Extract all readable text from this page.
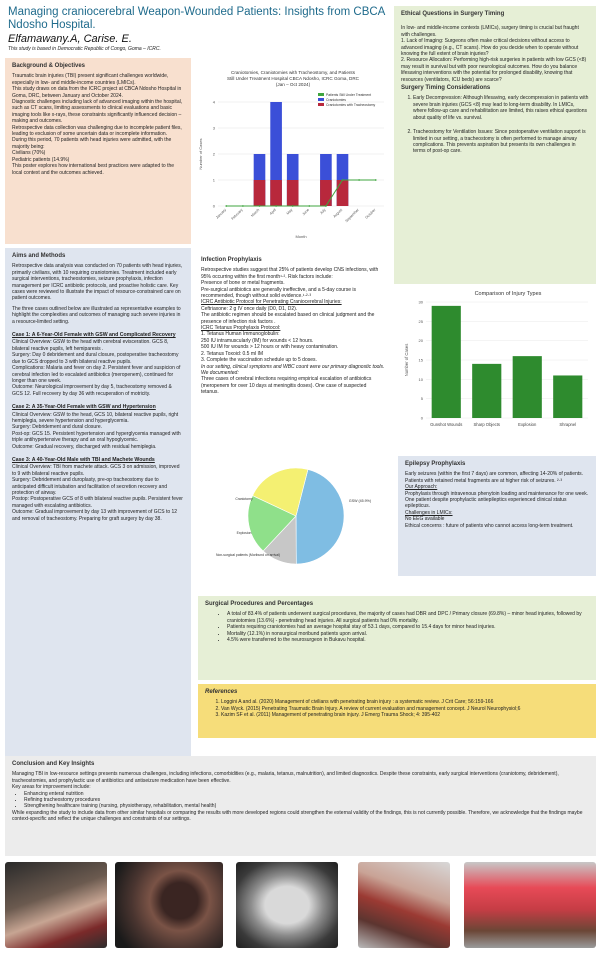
Managing craniocerebral Weapon-Wounded Patients: Insights from CBCA Ndosho Hospital.
Elfamawany.A, Carise. E.
This study is based in Democratic Republic of Congo, Goma – ICRC.
Background & Objectives

Traumatic brain injuries (TBI) present significant challenges worldwide, especially in low- and middle-income countries (LMICs).

This study draws on data from the ICRC project at CBCA Ndosho Hospital in Goma, DRC, between January and October 2024.

Diagnostic challenges including lack of advanced imaging within the hospital, such as CT scans, limiting assessments to clinical evaluations and basic imaging tools like x-rays, these constraints significantly influenced decision –making and outcomes.

Retrospective data collection was challenging due to incomplete patient files, leading to exclusion of some uncertain data or incomplete information.

During this period, 70 patients with head injuries were admitted, with the majority being:

Civilians (70%)

Pediatric patients (14.9%)

This poster explores how international best practices were adapted to the local context and the outcomes achieved.

Aims and Methods

Retrospective data analysis was conducted on 70 patients with head injuries, primarily civilians, with 10 requiring craniotomies. Treatment included early surgical interventions, tracheostomies, seizure prophylaxis, infection management per ICRC antibiotic protocols, and proactive holistic care. Key cases were reviewed to illustrate the impact of resource-constrained care on patient outcomes.

The three cases outlined below are illustrated as representative examples to highlight the complexities and outcomes of managing such severe injuries in a resource-limited setting.

Case 1: A 6-Year-Old Female with GSW and Complicated Recovery

Clinical Overview: GSW to the head with cerebral evisceration. GCS 8, bilateral reactive pupils, left hemiparesis .

Surgery: Day 0 debridement and dural closure, postoperative tracheostomy due to GCS dropped to 3 with bilateral reactive pupils.

Complications: Malaria and fever on day 2. Persistent fever and suspicion of cerebral infection led to escalated antibiotics (meropenem), continued for longer than one week.

Outcome: Neurological improvement by day 5, tracheostomy removed & GCS 12. Full recovery by day 36 with recuperation of motricity.

Case 2: A 35-Year-Old Female with GSW and Hypertension

Clinical Overview: GSW to the head, GCS 10, bilateral reactive pupils, right hemiplegia, severe hypertension and hyperglycemia.

Surgery: Debridement and dural closure.

Post-op: GCS 15. Persistent hypertension and hyperglycemia managed with triple antihypertensive therapy and an oral hypoglycemic.

Outcome: Gradual recovery, discharged with residual hemiplegia.

Case 3: A 40-Year-Old Male with TBI and Machete Wounds

Clinical Overview: TBI from machete attack. GCS 3 on admission, improved to 9 with bilateral reactive pupils.

Surgery: Debridement and duroplasty, pre-op tracheostomy due to anticipated difficult intubation and facilitation of secretion recovery and protection of airway.

Postop: Postoperative GCS of 8 with bilateral reactive pupils. Persistent fever managed with escalating antibiotics.

Outcome: Gradual improvement by day 13 with improvement of GCS to 12 and removal of tracheostomy. Preparing for graft surgery by day 38.

Craniotomies, Craniotomies with Tracheostomy, and Patients
Still Under Treatment Hospital CBCA Ndosho, ICRC Goma, DRC
(Jan – Oct 2024)
0
1
2
3
4
Number of Cases
Month
January February March April May June	July August September October
Patients Still Under Treatment
Craniotomies
Craniotomies with Tracheostomy
Ethical Questions in Surgery Timing

In low- and middle-income contexts (LMICs), surgery timing is crucial but fraught with challenges.

1. Lack of Imaging: Surgeons often make critical decisions without access to advanced imaging (e.g., CT scans). How do you decide when to operate without knowing the full extent of brain injuries?

2. Resource Allocation: Performing high-risk surgeries in patients with low GCS (<8) may result in survival but with poor neurological outcomes. How do you balance lifesaving interventions with the potential for prolonged disability, knowing that resources (ventilators, ICU beds) are scarce?

Surgery Timing Considerations
1. Early Decompression: Although lifesaving, early decompression in patients with severe brain injuries (GCS <8) may lead to long-term disability. In LMICs, where follow-up care and rehabilitation are limited, this raises ethical questions about quality of life vs. survival.
2. Tracheostomy for Ventilation Issues: Since postoperative ventilation support is limited in our setting, a tracheostomy is often performed to manage airway complications. This prevents aspiration but presents its own challenges in terms of post-op care.
Infection Prophylaxis

Retrospective studies suggest that 25% of patients develop CNS infections, with 95% occurring within the first month¹·². Risk factors include:

Presence of bone or metal fragments.

Pre-surgical antibiotics are generally ineffective, and a 5-day course is recommended, though without solid evidence.¹·²·³

ICRC Antibiotic Protocol for Penetrating Craniocerebral Injuries:

Ceftriaxone: 2 g IV once daily (D0, D1, D2).

The antibiotic regimen should be escalated based on clinical judgment and the presence of infection risk factors .

ICRC Tetanus Prophylaxis Protocol:

1. Tetanus Human Immunoglobulin:

250 IU intramuscularly (IM) for wounds < 12 hours.

500 IU IM for wounds > 12 hours or with heavy contamination.

2. Tetanus Toxoid: 0.5 ml IM

3. Complete the vaccination schedule up to 5 doses.

In our setting, clinical symptoms and WBC count were our primary diagnostic tools.

We documented:

Three cases of cerebral infections requiring empirical escalation of antibiotics (meropenem for over 10 days at meningitis doses). One case of suspected tetanus.

Comparison of Injury Types
0
5
10
15
20
25
30
Number of Cases
Gunshot Wounds	Sharp Objects	Explosion	Shrapnel
GSW (45.9%)
Non-surgical patients (Moribund on arrival)
Explosion
Craniotomy
Epilepsy Prophylaxis

Early seizures (within the first 7 days) are common, affecting 14-20% of patients. Patients with retained metal fragments are at higher risk of seizures. ²·³

Our Approach:

Prophylaxis through intravenous phenytoin loading and maintenance for one week.

One patient despite prophylactic antiepileptics experienced clinical status epilepticus.

Challenges in LMICs:

No EEG available

Ethical concerns : future of patients who cannot access long-term treatment.

Surgical Procedures and Percentages
• A total of 83.4% of patients underwent surgical procedures, the majority of cases had DBR and DPC / Primary closure (69.8%) – minor head injuries, followed by craniotomies (13.6%) - penetrating head injuries. All surgical patients had 0% mortality.
• Patients requiring craniotomies had an average hospital stay of 53.1 days, compared to 15.4 days for minor head injuries.
• Mortality (12.1%) in nonsurgical moribund patients upon arrival.
• 4.5% were transferred to the neurosurgeon in Bukavu hospital.
References
1. Loggini A and al. (2020) Management of civilians with penetrating brain injury : a systematic review. J Crit Care; 56:159-166
2. Van Wyck. (2015) Penetrating Traumatic Brain Injury. A review of current evaluation and management concept. J Neurol Neurophysiol;6
3. Kazim SF et al. (2011) Management of penetrating brain injury. J Emerg Trauma Shock; 4: 395-402
Conclusion and Key Insights

Managing TBI in low-resource settings presents numerous challenges, including infections, comorbidities (e.g., malaria, tetanus, malnutrition), and limited diagnostics. Despite these constraints, early surgical interventions (craniotomy, debridement), tracheostomies, and prophylactic use of antibiotics and antiseizure medication have been effective.

Key areas for improvement include:

• Enhancing enteral nutrition
• Refining tracheostomy procedures
• Strengthening healthcare training (nursing, physiotherapy, rehabilitation, mental health)

While expanding the study to include data from other similar hospitals or comparing the results with more developed regions could strengthen the external validity of the findings, this is not currently possible. Therefore, we acknowledge that the findings maybe context-specific and reflect the unique challenges and constraints of our settings.
